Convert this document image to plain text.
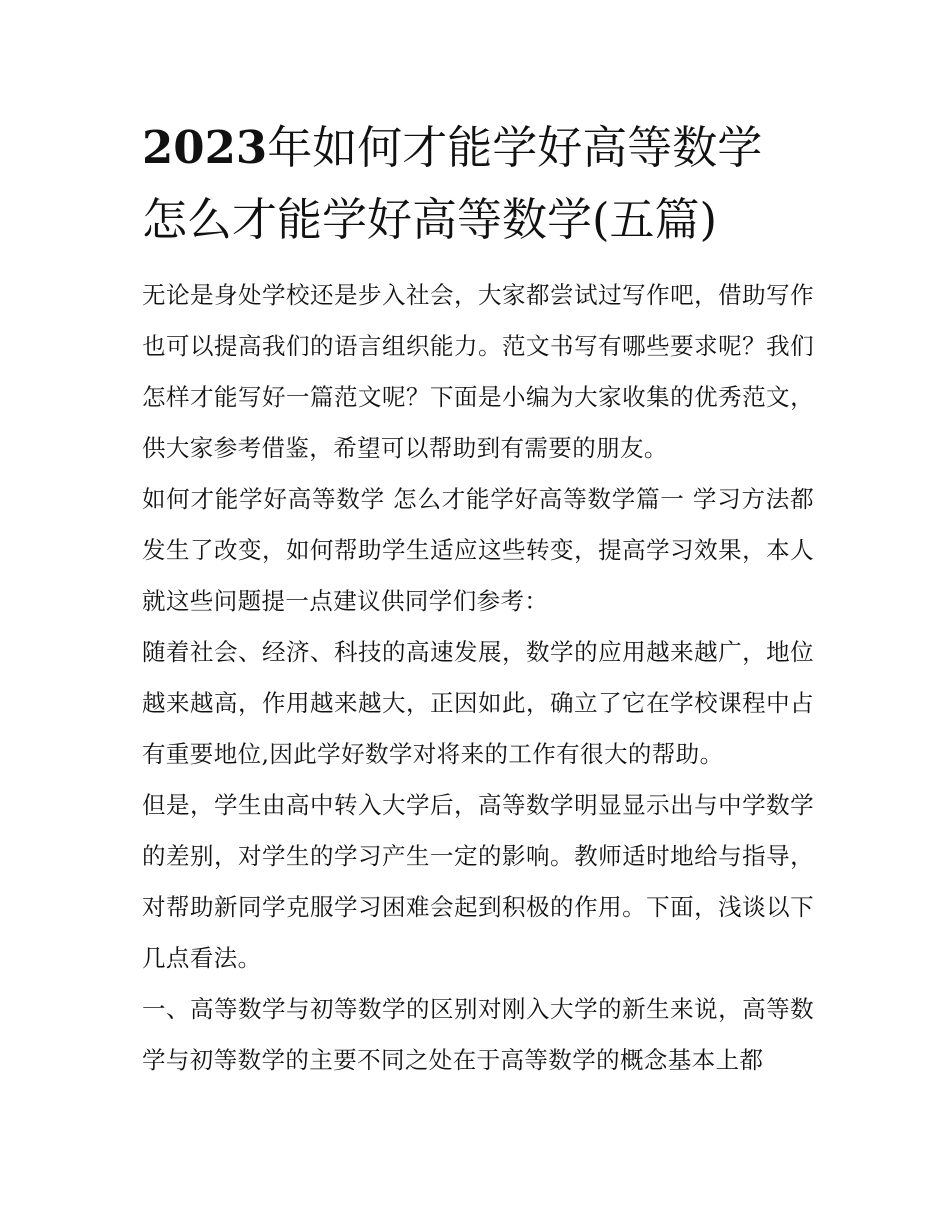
2023年如何才能学好高等数学
怎么才能学好高等数学(五篇)

无论是身处学校还是步入社会，大家都尝试过写作吧，借助写作也可以提高我们的语言组织能力。范文书写有哪些要求呢？我们怎样才能写好一篇范文呢？下面是小编为大家收集的优秀范文，供大家参考借鉴，希望可以帮助到有需要的朋友。

如何才能学好高等数学 怎么才能学好高等数学篇一 学习方法都发生了改变，如何帮助学生适应这些转变，提高学习效果，本人就这些问题提一点建议供同学们参考：

随着社会、经济、科技的高速发展，数学的应用越来越广，地位越来越高，作用越来越大，正因如此，确立了它在学校课程中占有重要地位,因此学好数学对将来的工作有很大的帮助。

但是，学生由高中转入大学后，高等数学明显显示出与中学数学的差别，对学生的学习产生一定的影响。教师适时地给与指导，对帮助新同学克服学习困难会起到积极的作用。下面，浅谈以下几点看法。

一、高等数学与初等数学的区别对刚入大学的新生来说，高等数学与初等数学的主要不同之处在于高等数学的概念基本上都
